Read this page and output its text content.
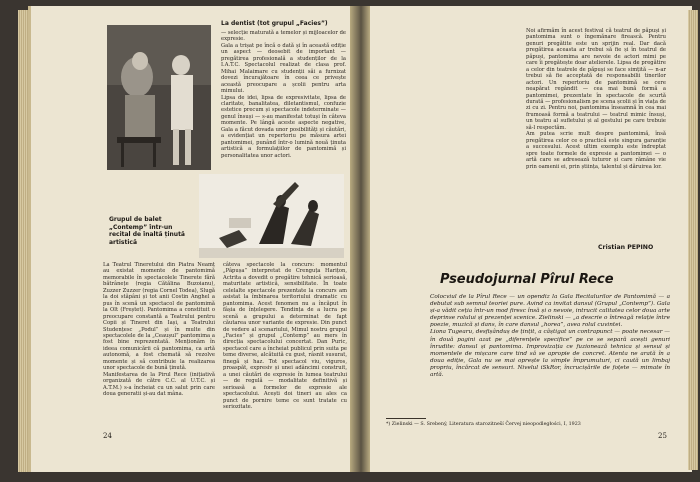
La dentist (tot grupul „Facies”)

— selecție maturată a temelor și mijloacelor de expresie.
Gala a trișat pe încă o dată și în această ediție un aspect — deosebit de important — pregătirea profesională a studenților de la I.A.T.C. Spectacolul realizat de clasa prof. Mihai Malaimare cu studenții săi a furnizat dovezi încurajătoare în ceea ce privește această preocupare a școlii pentru arta mimului.
Lipsa de idei, lipsa de expresivitate, lipsa de claritate, banalitatea, diletantismul, confuzie estetice precum și spectacole indeterminate — genul însuși — s-au manifestat totuși în câteva momente. Pe lângă aceste aspecte negative, Gala a făcut dovada unor posibilități și căutări, a evidențiat un repertoriu pe măsura artei pantomimei, punând într-o lumină nouă ținuta artistică a formulațiilor de pantomimă și personalitatea unor actori.

Grupul de balet „Contemp” într-un recital de înaltă ținută artistică

La Teatrul Tineretului din Piatra Neamț au existat momente de pantomimă memorabile în spectacolele Tinerete fără bătrânețe (regia Cătălina Buzoianu), Zuzzer Zuzzer (regia Cornel Todea), Slugă la doi stăpâni și tot anii Costin Anghel a pus în scenă un spectacol de pantomimă la Olt (Freștet). Pantomima a constituit o preocupare constantă a Teatrului pentru Copii și Tineret din Iași, a Teatrului Studențesc „Podul” și în multe din spectacolele de la „Ceaușul” pantomima a fost bine reprezentată. Menționăm în ideea comunicării că pantomima, ca artă autonomă, a fost chemată să rezolve momente și să contribuie la realizarea unor spectacole de bună ținută.
Manifestarea de la Pirul Rece (inițiativă organizată de către C.C. al U.T.C. și A.T.M.) s-a încheiat cu un salut prin care doua generatii și-au dat mâna.

câteva spectacole la concurs: momentul „Pâpușa” interpretat de Crenguța Harițon, Actrita a dovedit o pregătire tehnică serioasă, maturitate artistică, sensibilitate. În toate celelalte spectacole prezentate la concurs am asistat la îmbinarea teritoriului dramatic cu pantomima. Acest fenomen nu a încăput în fâșia de înțelegere. Tendința de a lucra pe scenă a grupului a determinat de fapt căutarea unor variante de expresie. Din punct de vedere al scenariului, Mimul nostru grupul „Facies” și grupul „Contemp” au mers în direcția spectacolului concertat. Dan Puric, spectacol care a încheiat publicul prin suita pe teme diverse, alcătuită cu gust, râsnit susurat, finegă și haz. Tot spectacol viu, viguros, proaspăt, expresiv și unei adâncimi construit, a unei căutări de expresie în lumea teatrului — de regulă — modalitate definitivă și serioasă a formelor de expresie ale spectacolului. Acești doi tineri au ales ca punct de pornire teme ce sunt tratate cu seriozitate.

24

Noi afirmăm în acest festival că teatrul de păpuși și pantomima sunt o îngemănare firească. Pentru genuri pregătite este un sprijin real. Dar dacă pregătirea aceasta ar trebui să fie și în teatrul de păpuși, pantomima are nevoie de actori mimi pe care îi pregătește doar atelierele. Lipsa de pregătire a celor din teatrele de păpuși se face simțită — n-ar trebui să fie acceptată de responsabilii tinerilor actori. Un repertoriu de pantomimă se cere neapărat regândit — cea mai bună formă a pantomimei, prezentate în spectacole de scurtă durată — profesionalism pe scena școlii și în viața de zi cu zi. Pentru noi, pantomima înseamnă în cea mai frumoasă formă a teatrului — teatrul mimic însuși, un teatru al sufletului și al gestului pe care trebuie să-l respectăm.
Am putea scrie mult despre pantomimă, însă pregătirea celor ce o practică este singura garanție a succesului. Acest ultim exemplu este îndreptat spre toate formele de expresie a pantomimei — o artă care se adresează tuturor și care rămâne vie prin oamenii ei, prin știința, talentul și dăruirea lor.

Cristian PEPINO
Pseudojurnal Pîrul Rece

Colocviul de la Pîrul Rece — un opendiz la Gala Recitalurilor de Pantomimă — a debutat sub semnul teoriei pure. Avind ca invitat dansul (Grupul „Contemp”). Gala și-a vădit ceția într-un mod firesc însă și o nevoie, intrucit calitatea celor doua arte deprinse rolului și prezenței scenice. Zielinski — „a descrie o întreagă relație între poezie, muzică și dans, în care dansul „horea”, avea rolul cuvintei.
Liona Tugearu, desfișânduș de țințit, a câștigat un contrapunct — poate necesar — în două pagini azat pe „diferențele specifice” pe ce se separă acești genuri înrudite: dansul și pantomima. Improvizația ce fuzionează tehnica și sensul și momentele de mișcare care tind să se apropie de concret. Atenta ne arată în a doua ediție, Gala nu se mai oprește la simple împrumuturi, ci caută un limbaj propriu, încărcat de sensuri. Nivelul iSkRor, încrucișările de foțete — mimate în artă.

*) Zielinski — S. Srebený, Literatura starozitneší Červej nieopodległości, I, 1923
25
